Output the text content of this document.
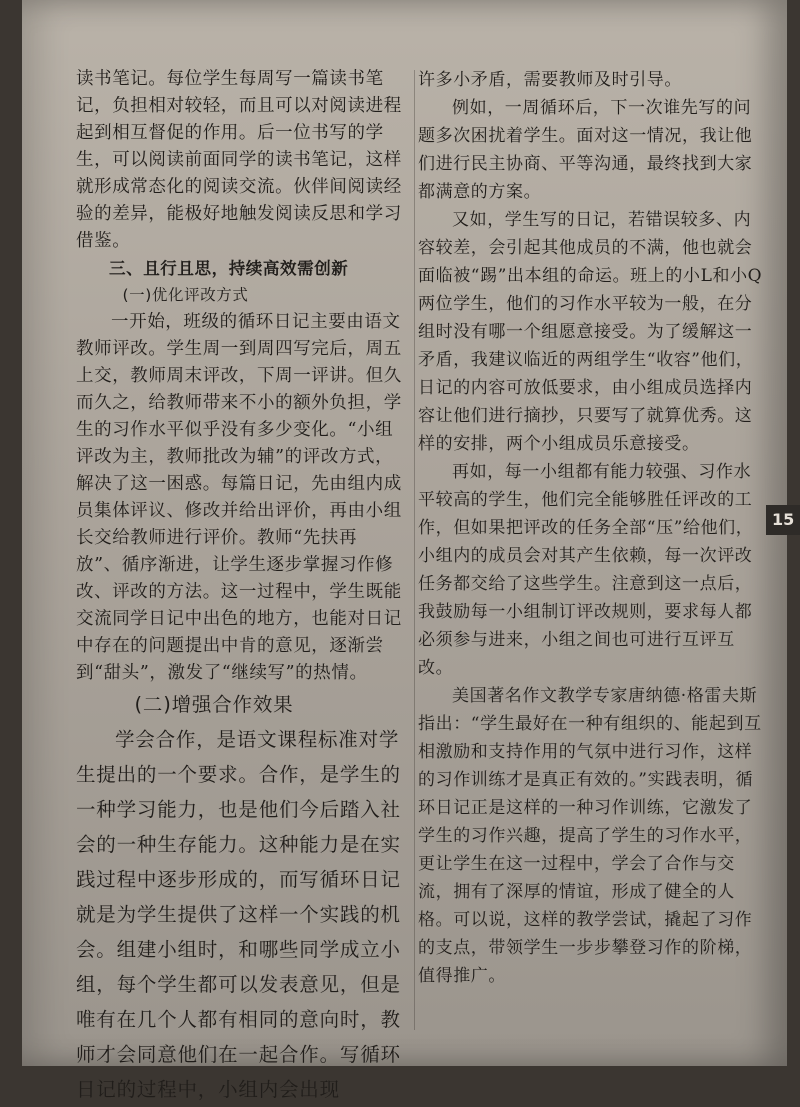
读书笔记。每位学生每周写一篇读书笔记，负担相对较轻，而且可以对阅读进程起到相互督促的作用。后一位书写的学生，可以阅读前面同学的读书笔记，这样就形成常态化的阅读交流。伙伴间阅读经验的差异，能极好地触发阅读反思和学习借鉴。

三、且行且思，持续高效需创新

(一)优化评改方式

一开始，班级的循环日记主要由语文教师评改。学生周一到周四写完后，周五上交，教师周末评改，下周一评讲。但久而久之，给教师带来不小的额外负担，学生的习作水平似乎没有多少变化。“小组评改为主，教师批改为辅”的评改方式，解决了这一困惑。每篇日记，先由组内成员集体评议、修改并给出评价，再由小组长交给教师进行评价。教师“先扶再放”、循序渐进，让学生逐步掌握习作修改、评改的方法。这一过程中，学生既能交流同学日记中出色的地方，也能对日记中存在的问题提出中肯的意见，逐渐尝到“甜头”，激发了“继续写”的热情。

(二)增强合作效果

学会合作，是语文课程标准对学生提出的一个要求。合作，是学生的一种学习能力，也是他们今后踏入社会的一种生存能力。这种能力是在实践过程中逐步形成的，而写循环日记就是为学生提供了这样一个实践的机会。组建小组时，和哪些同学成立小组，每个学生都可以发表意见，但是唯有在几个人都有相同的意向时，教师才会同意他们在一起合作。写循环日记的过程中，小组内会出现

许多小矛盾，需要教师及时引导。

例如，一周循环后，下一次谁先写的问题多次困扰着学生。面对这一情况，我让他们进行民主协商、平等沟通，最终找到大家都满意的方案。

又如，学生写的日记，若错误较多、内容较差，会引起其他成员的不满，他也就会面临被“踢”出本组的命运。班上的小L和小Q两位学生，他们的习作水平较为一般，在分组时没有哪一个组愿意接受。为了缓解这一矛盾，我建议临近的两组学生“收容”他们，日记的内容可放低要求，由小组成员选择内容让他们进行摘抄，只要写了就算优秀。这样的安排，两个小组成员乐意接受。

再如，每一小组都有能力较强、习作水平较高的学生，他们完全能够胜任评改的工作，但如果把评改的任务全部“压”给他们，小组内的成员会对其产生依赖，每一次评改任务都交给了这些学生。注意到这一点后，我鼓励每一小组制订评改规则，要求每人都必须参与进来，小组之间也可进行互评互改。

美国著名作文教学专家唐纳德·格雷夫斯指出：“学生最好在一种有组织的、能起到互相激励和支持作用的气氛中进行习作，这样的习作训练才是真正有效的。”实践表明，循环日记正是这样的一种习作训练，它激发了学生的习作兴趣，提高了学生的习作水平，更让学生在这一过程中，学会了合作与交流，拥有了深厚的情谊，形成了健全的人格。可以说，这样的教学尝试，撬起了习作的支点，带领学生一步步攀登习作的阶梯，值得推广。

15
